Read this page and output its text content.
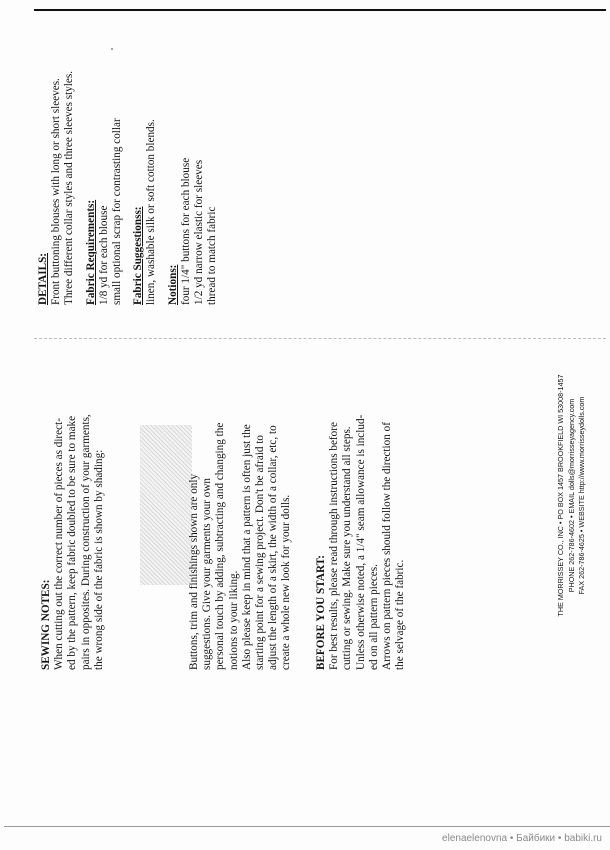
DETAILS: Front buttoning blouses with long or short sleeves. Three different collar styles and three sleeves styles. Fabric Requirements: 1/8 yd for each blouse small optional scrap for contrasting collar Fabric Suggestionss: linen, washable silk or soft cotton blends. Notions: four 1/4" buttons for each blouse 1/2 yd narrow elastic for sleeves thread to match fabric
SEWING NOTES: When cutting out the correct number of pieces as direct- ed by the pattern, keep fabric doubled to be sure to make pairs in opposites. During construction of your garments, the wrong side of the fabric is shown by shading:	Buttons, trim and finishings shown are only suggestions. Give your garments your own personal touch by adding, subtracting and changing the notions to your liking. Also please keep in mind that a pattern is often just the starting point for a sewing project. Don't be afraid to adjust the length of a skirt, the width of a collar, etc, to create a whole new look for your dolls. BEFORE YOU START: For best results, please read through instructions before cutting or sewing. Make sure you understand all steps. Unless otherwise noted, a 1/4" seam allowance is includ- ed on all pattern pieces. Arrows on pattern pieces should follow the direction of the selvage of the fabric.	THE MORRISSEY CO., INC • PO BOX 1457 BROOKFIELD WI 53008-1457 PHONE 262-786-4602 • EMAIL dolls@morrisseyagency.com FAX 262-786-4625 • WEBSITE http://www.morrisseydolls.com
elenaelenovna • Байбики • babiki.ru
